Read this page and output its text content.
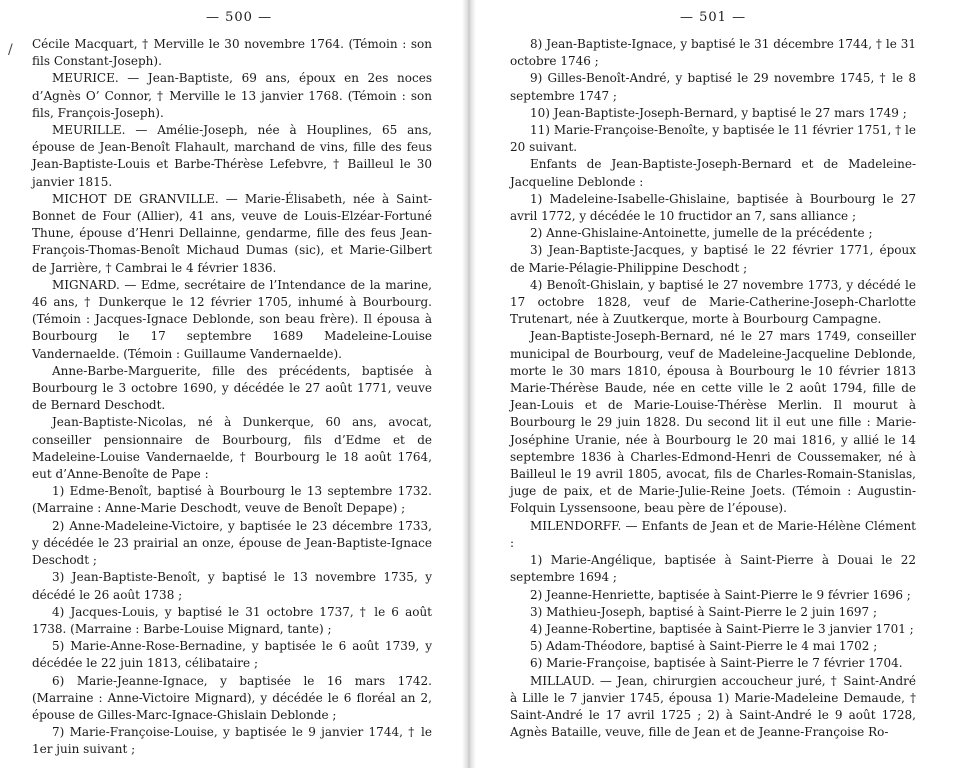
/
— 500 —

Cécile Macquart, † Merville le 30 novembre 1764. (Témoin : son fils Constant-Joseph).

MEURICE. — Jean-Baptiste, 69 ans, époux en 2es noces d’Agnès O’ Connor, † Merville le 13 janvier 1768. (Témoin : son fils, François-Joseph).

MEURILLE. — Amélie-Joseph, née à Houplines, 65 ans, épouse de Jean-Benoît Flahault, marchand de vins, fille des feus Jean-Baptiste-Louis et Barbe-Thérèse Lefebvre, † Bailleul le 30 janvier 1815.

MICHOT DE GRANVILLE. — Marie-Élisabeth, née à Saint-Bonnet de Four (Allier), 41 ans, veuve de Louis-Elzéar-Fortuné Thune, épouse d’Henri Dellainne, gendarme, fille des feus Jean-François-Thomas-Benoît Michaud Dumas (sic), et Marie-Gilbert de Jarrière, † Cambrai le 4 février 1836.

MIGNARD. — Edme, secrétaire de l’Intendance de la marine, 46 ans, † Dunkerque le 12 février 1705, inhumé à Bourbourg. (Témoin : Jacques-Ignace Deblonde, son beau frère). Il épousa à Bourbourg le 17 septembre 1689 Madeleine-Louise Vandernaelde. (Témoin : Guillaume Vandernaelde).

Anne-Barbe-Marguerite, fille des précédents, baptisée à Bourbourg le 3 octobre 1690, y décédée le 27 août 1771, veuve de Bernard Deschodt.

Jean-Baptiste-Nicolas, né à Dunkerque, 60 ans, avocat, conseiller pensionnaire de Bourbourg, fils d’Edme et de Madeleine-Louise Vandernaelde, † Bourbourg le 18 août 1764, eut d’Anne-Benoîte de Pape :

1) Edme-Benoît, baptisé à Bourbourg le 13 septembre 1732. (Marraine : Anne-Marie Deschodt, veuve de Benoît Depape) ;

2) Anne-Madeleine-Victoire, y baptisée le 23 décembre 1733, y décédée le 23 prairial an onze, épouse de Jean-Baptiste-Ignace Deschodt ;

3) Jean-Baptiste-Benoît, y baptisé le 13 novembre 1735, y décédé le 26 août 1738 ;

4) Jacques-Louis, y baptisé le 31 octobre 1737, † le 6 août 1738. (Marraine : Barbe-Louise Mignard, tante) ;

5) Marie-Anne-Rose-Bernadine, y baptisée le 6 août 1739, y décédée le 22 juin 1813, célibataire ;

6) Marie-Jeanne-Ignace, y baptisée le 16 mars 1742. (Marraine : Anne-Victoire Mignard), y décédée le 6 floréal an 2, épouse de Gilles-Marc-Ignace-Ghislain Deblonde ;

7) Marie-Françoise-Louise, y baptisée le 9 janvier 1744, † le 1er juin suivant ;

— 501 —

8) Jean-Baptiste-Ignace, y baptisé le 31 décembre 1744, † le 31 octobre 1746 ;

9) Gilles-Benoît-André, y baptisé le 29 novembre 1745, † le 8 septembre 1747 ;

10) Jean-Baptiste-Joseph-Bernard, y baptisé le 27 mars 1749 ;

11) Marie-Françoise-Benoîte, y baptisée le 11 février 1751, † le 20 suivant.

Enfants de Jean-Baptiste-Joseph-Bernard et de Madeleine-Jacqueline Deblonde :

1) Madeleine-Isabelle-Ghislaine, baptisée à Bourbourg le 27 avril 1772, y décédée le 10 fructidor an 7, sans alliance ;

2) Anne-Ghislaine-Antoinette, jumelle de la précédente ;

3) Jean-Baptiste-Jacques, y baptisé le 22 février 1771, époux de Marie-Pélagie-Philippine Deschodt ;

4) Benoît-Ghislain, y baptisé le 27 novembre 1773, y décédé le 17 octobre 1828, veuf de Marie-Catherine-Joseph-Charlotte Trutenart, née à Zuutkerque, morte à Bourbourg Campagne.

Jean-Baptiste-Joseph-Bernard, né le 27 mars 1749, conseiller municipal de Bourbourg, veuf de Madeleine-Jacqueline Deblonde, morte le 30 mars 1810, épousa à Bourbourg le 10 février 1813 Marie-Thérèse Baude, née en cette ville le 2 août 1794, fille de Jean-Louis et de Marie-Louise-Thérèse Merlin. Il mourut à Bourbourg le 29 juin 1828. Du second lit il eut une fille : Marie-Joséphine Uranie, née à Bourbourg le 20 mai 1816, y allié le 14 septembre 1836 à Charles-Edmond-Henri de Coussemaker, né à Bailleul le 19 avril 1805, avocat, fils de Charles-Romain-Stanislas, juge de paix, et de Marie-Julie-Reine Joets. (Témoin : Augustin-Folquin Lyssensoone, beau père de l’épouse).

MILENDORFF. — Enfants de Jean et de Marie-Hélène Clément :

1) Marie-Angélique, baptisée à Saint-Pierre à Douai le 22 septembre 1694 ;

2) Jeanne-Henriette, baptisée à Saint-Pierre le 9 février 1696 ;

3) Mathieu-Joseph, baptisé à Saint-Pierre le 2 juin 1697 ;

4) Jeanne-Robertine, baptisée à Saint-Pierre le 3 janvier 1701 ;

5) Adam-Théodore, baptisé à Saint-Pierre le 4 mai 1702 ;

6) Marie-Françoise, baptisée à Saint-Pierre le 7 février 1704.

MILLAUD. — Jean, chirurgien accoucheur juré, † Saint-André à Lille le 7 janvier 1745, épousa 1) Marie-Madeleine Demaude, † Saint-André le 17 avril 1725 ; 2) à Saint-André le 9 août 1728, Agnès Bataille, veuve, fille de Jean et de Jeanne-Françoise Ro-
